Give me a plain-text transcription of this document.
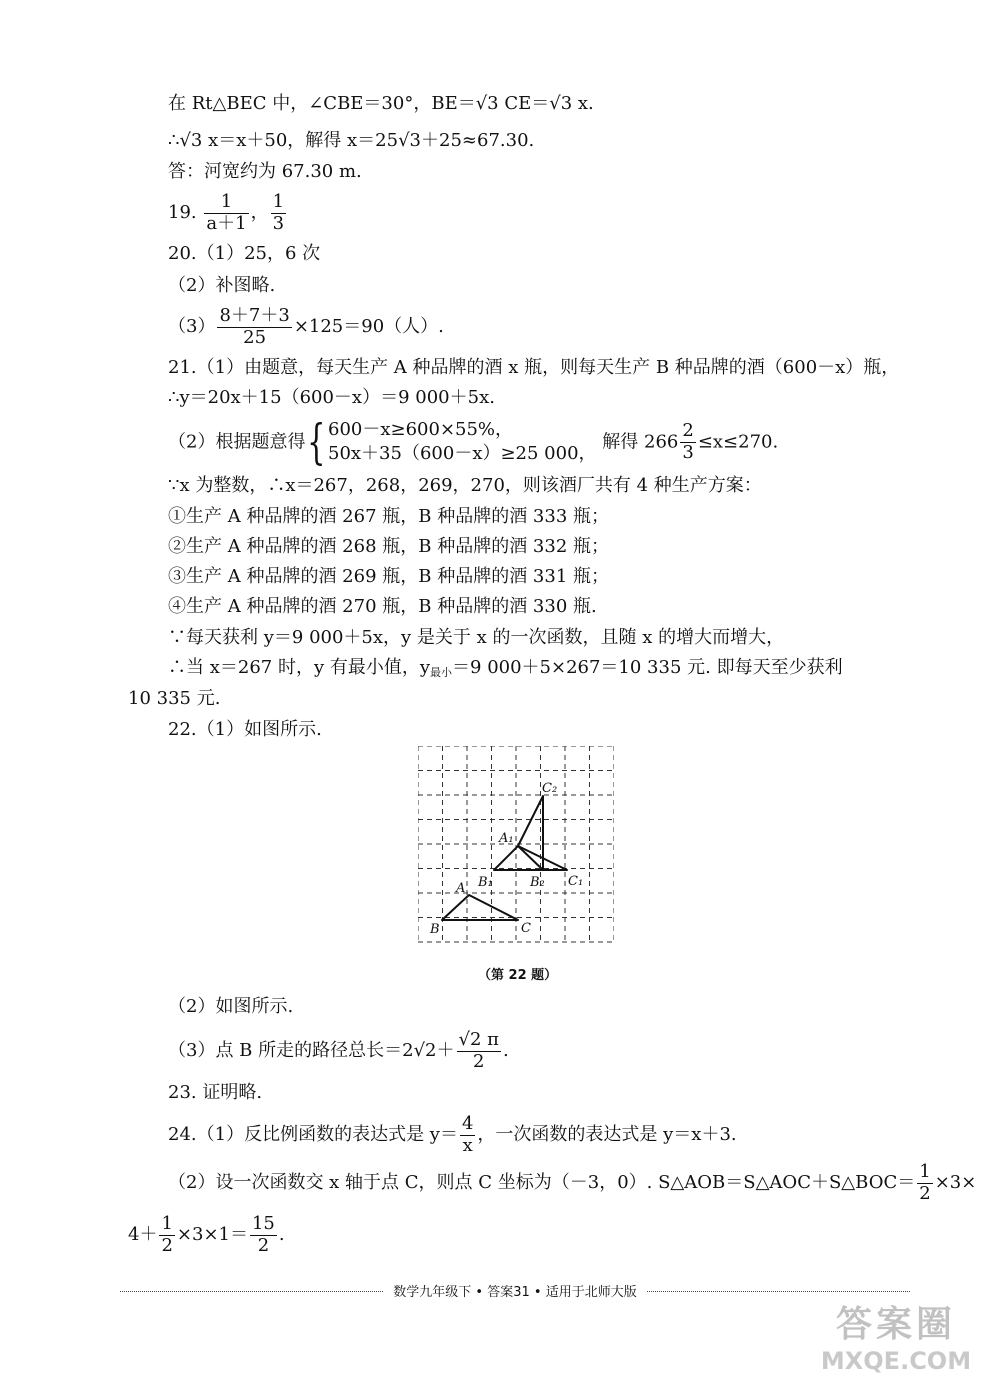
在 Rt△BEC 中，∠CBE＝30°，BE＝√3 CE＝√3 x.
∴√3 x＝x＋50，解得 x＝25√3＋25≈67.30.
答：河宽约为 67.30 m.
19. $\frac{1}{a+1}$ ， $\frac{1}{3}$
20.（1）25，6 次
（2）补图略.
$(3) \frac{8+7+3}{25} \times 125=90$（人）.
21.（1）由题意，每天生产 A 种品牌的酒 x 瓶，则每天生产 B 种品牌的酒（600－x）瓶，
∴y＝20x＋15（600－x）＝9 000＋5x.
（2）根据题意得{ 600－x≥600×55%，
50x＋35（600－x）≥25 000，
解得 $266 \frac{2}{3} \le x\le 270$.
∵x 为整数，∴x＝267，268，269，270，则该酒厂共有 4 种生产方案：
①生产 A 种品牌的酒 267 瓶，B 种品牌的酒 333 瓶；
②生产 A 种品牌的酒 268 瓶，B 种品牌的酒 332 瓶；
③生产 A 种品牌的酒 269 瓶，B 种品牌的酒 331 瓶；
④生产 A 种品牌的酒 270 瓶，B 种品牌的酒 330 瓶.
∵每天获利 y＝9 000＋5x，y 是关于 x 的一次函数，且随 x 的增大而增大，
∴当 x＝267 时，y 有最小值，$y_{最小}=9$ 000＋5×267＝10 335 元. 即每天至少获利
10 335 元.
22.（1）如图所示.
B
A
C
B₁
A₁
C₁
B₂
C₂
（第 22 题）
（2）如图所示.
（3）点 B 所走的路径总长$=2√2+ \frac{√2 \pi}{2}$ .
23. 证明略.
24.（1）反比例函数的表达式是 $y= \frac{4}{x}$ ，一次函数的表达式是 y＝x＋3.
（2）设一次函数交 x 轴于点 C，则点 C 坐标为（－3，0）. S△AOB＝S△AOC＋S△BOC＝ $\frac{1}{2} \times 3\times$
$4+ \frac{1}{2} \times 3\times 1= \frac{15}{2}$ .
数学九年级下 • 答案31 • 适用于北师大版
答案圈
MXQE.COM
